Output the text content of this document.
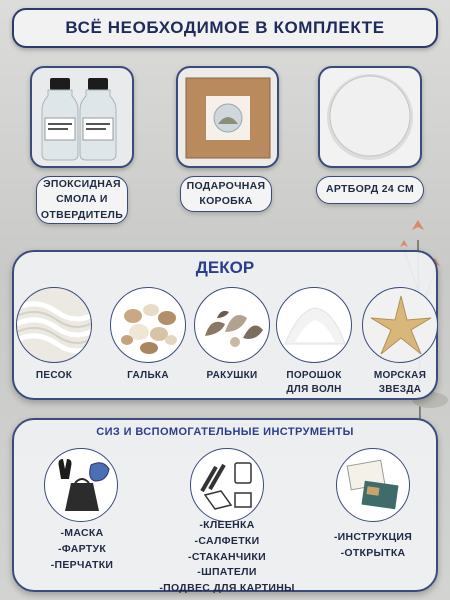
ВСЁ НЕОБХОДИМОЕ В КОМПЛЕКТЕ
ЭПОКСИДНАЯ
СМОЛА И
ОТВЕРДИТЕЛЬ
ПОДАРОЧНАЯ
КОРОБКА
АРТБОРД 24 СМ
ДЕКОР
ПЕСОК	ГАЛЬКА	РАКУШКИ	ПОРОШОК
ДЛЯ ВОЛН
МОРСКАЯ
ЗВЕЗДА
СИЗ И ВСПОМОГАТЕЛЬНЫЕ ИНСТРУМЕНТЫ
-МАСКА
-ФАРТУК
-ПЕРЧАТКИ
-КЛЕЕНКА
-САЛФЕТКИ
-СТАКАНЧИКИ
-ШПАТЕЛИ
-ПОДВЕС ДЛЯ КАРТИНЫ
-ИНСТРУКЦИЯ
-ОТКРЫТКА
